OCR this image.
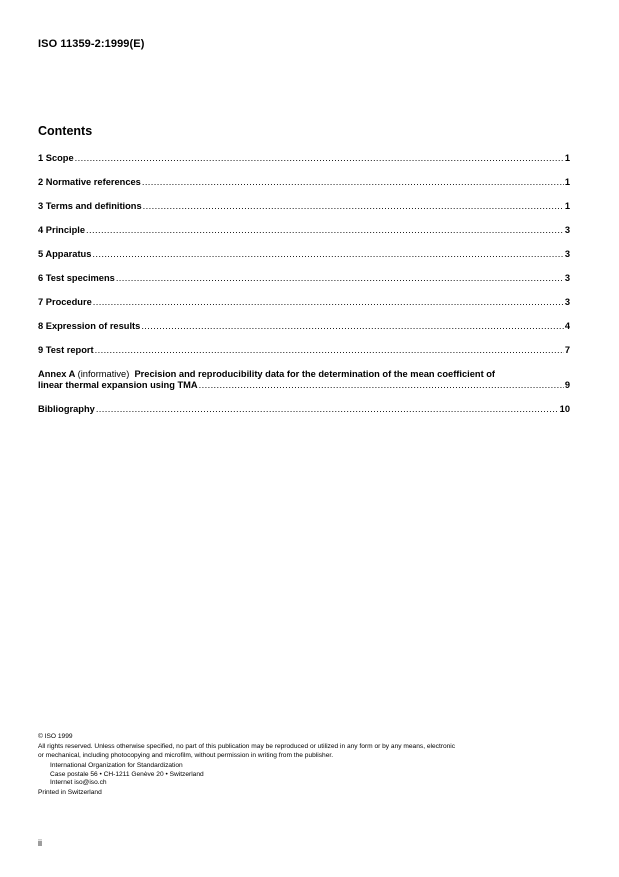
ISO 11359-2:1999(E)
Contents
1 Scope .....	1
2 Normative references .....	1
3 Terms and definitions .....	1
4 Principle .....	3
5 Apparatus .....	3
6 Test specimens .....	3
7 Procedure .....	3
8 Expression of results .....	4
9 Test report .....	7
Annex A (informative) Precision and reproducibility data for the determination of the mean coefficient of
linear thermal expansion using TMA .....	9
Bibliography .....	10
© ISO 1999
All rights reserved. Unless otherwise specified, no part of this publication may be reproduced or utilized in any form or by any means, electronic
or mechanical, including photocopying and microfilm, without permission in writing from the publisher.
International Organization for Standardization
Case postale 56 • CH-1211 Genève 20 • Switzerland
Internet iso@iso.ch
Printed in Switzerland
ii
